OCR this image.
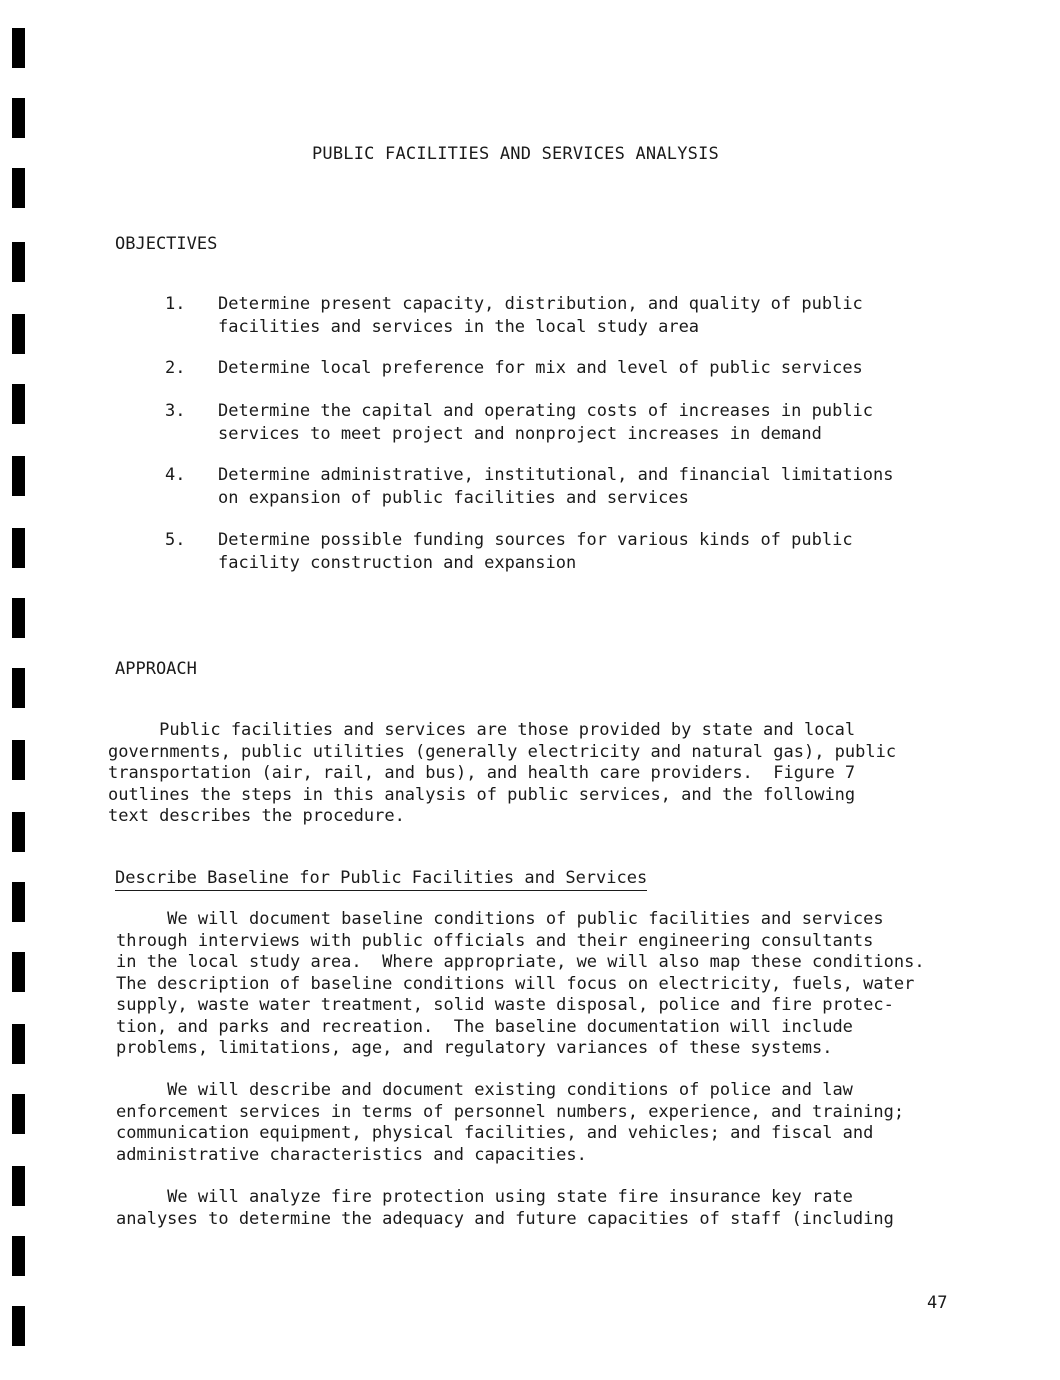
PUBLIC FACILITIES AND SERVICES ANALYSIS
OBJECTIVES
1.	Determine present capacity, distribution, and quality of public
facilities and services in the local study area
2.	Determine local preference for mix and level of public services
3.	Determine the capital and operating costs of increases in public
services to meet project and nonproject increases in demand
4.	Determine administrative, institutional, and financial limitations
on expansion of public facilities and services
5.	Determine possible funding sources for various kinds of public
facility construction and expansion
APPROACH
Public facilities and services are those provided by state and local
governments, public utilities (generally electricity and natural gas), public
transportation (air, rail, and bus), and health care providers.  Figure 7
outlines the steps in this analysis of public services, and the following
text describes the procedure.
Describe Baseline for Public Facilities and Services
We will document baseline conditions of public facilities and services
through interviews with public officials and their engineering consultants
in the local study area.  Where appropriate, we will also map these conditions.
The description of baseline conditions will focus on electricity, fuels, water
supply, waste water treatment, solid waste disposal, police and fire protec-
tion, and parks and recreation.  The baseline documentation will include
problems, limitations, age, and regulatory variances of these systems.
We will describe and document existing conditions of police and law
enforcement services in terms of personnel numbers, experience, and training;
communication equipment, physical facilities, and vehicles; and fiscal and
administrative characteristics and capacities.
We will analyze fire protection using state fire insurance key rate
analyses to determine the adequacy and future capacities of staff (including
47
